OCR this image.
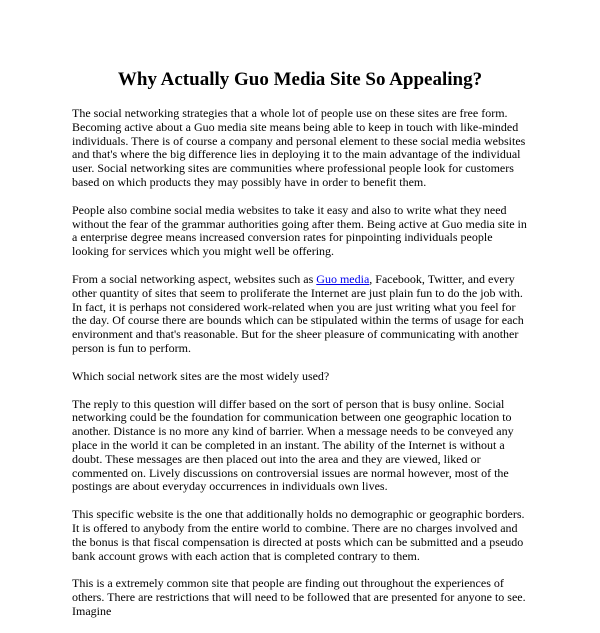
Why Actually Guo Media Site So Appealing?

The social networking strategies that a whole lot of people use on these sites are free form. Becoming active about a Guo media site means being able to keep in touch with like-minded individuals. There is of course a company and personal element to these social media websites and that's where the big difference lies in deploying it to the main advantage of the individual user. Social networking sites are communities where professional people look for customers based on which products they may possibly have in order to benefit them.

People also combine social media websites to take it easy and also to write what they need without the fear of the grammar authorities going after them. Being active at Guo media site in a enterprise degree means increased conversion rates for pinpointing individuals people looking for services which you might well be offering.

From a social networking aspect, websites such as Guo media, Facebook, Twitter, and every other quantity of sites that seem to proliferate the Internet are just plain fun to do the job with. In fact, it is perhaps not considered work-related when you are just writing what you feel for the day. Of course there are bounds which can be stipulated within the terms of usage for each environment and that's reasonable. But for the sheer pleasure of communicating with another person is fun to perform.

Which social network sites are the most widely used?

The reply to this question will differ based on the sort of person that is busy online. Social networking could be the foundation for communication between one geographic location to another. Distance is no more any kind of barrier. When a message needs to be conveyed any place in the world it can be completed in an instant. The ability of the Internet is without a doubt. These messages are then placed out into the area and they are viewed, liked or commented on. Lively discussions on controversial issues are normal however, most of the postings are about everyday occurrences in individuals own lives.

This specific website is the one that additionally holds no demographic or geographic borders. It is offered to anybody from the entire world to combine. There are no charges involved and the bonus is that fiscal compensation is directed at posts which can be submitted and a pseudo bank account grows with each action that is completed contrary to them.

This is a extremely common site that people are finding out throughout the experiences of others. There are restrictions that will need to be followed that are presented for anyone to see. Imagine
